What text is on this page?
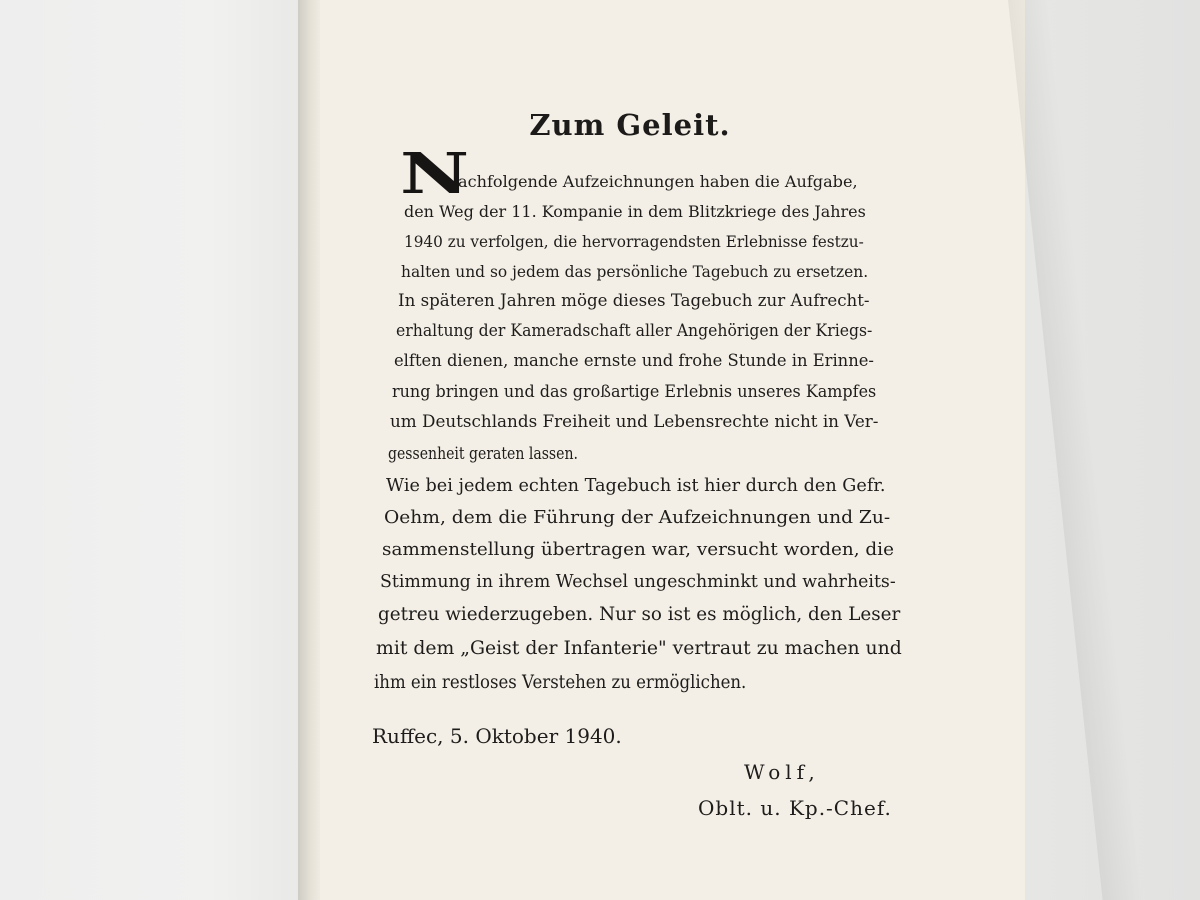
Zum Geleit.
N
achfolgende Aufzeichnungen haben die Aufgabe,
den Weg der 11. Kompanie in dem Blitzkriege des Jahres
1940 zu verfolgen, die hervorragendsten Erlebnisse festzu-
halten und so jedem das persönliche Tagebuch zu ersetzen.
In späteren Jahren möge dieses Tagebuch zur Aufrecht-
erhaltung der Kameradschaft aller Angehörigen der Kriegs-
elften dienen, manche ernste und frohe Stunde in Erinne-
rung bringen und das großartige Erlebnis unseres Kampfes
um Deutschlands Freiheit und Lebensrechte nicht in Ver-
gessenheit geraten lassen.
Wie bei jedem echten Tagebuch ist hier durch den Gefr.
Oehm, dem die Führung der Aufzeichnungen und Zu-
sammenstellung übertragen war, versucht worden, die
Stimmung in ihrem Wechsel ungeschminkt und wahrheits-
getreu wiederzugeben. Nur so ist es möglich, den Leser
mit dem „Geist der Infanterie" vertraut zu machen und
ihm ein restloses Verstehen zu ermöglichen.
Ruffec, 5. Oktober 1940.
Wolf,
Oblt. u. Kp.-Chef.
